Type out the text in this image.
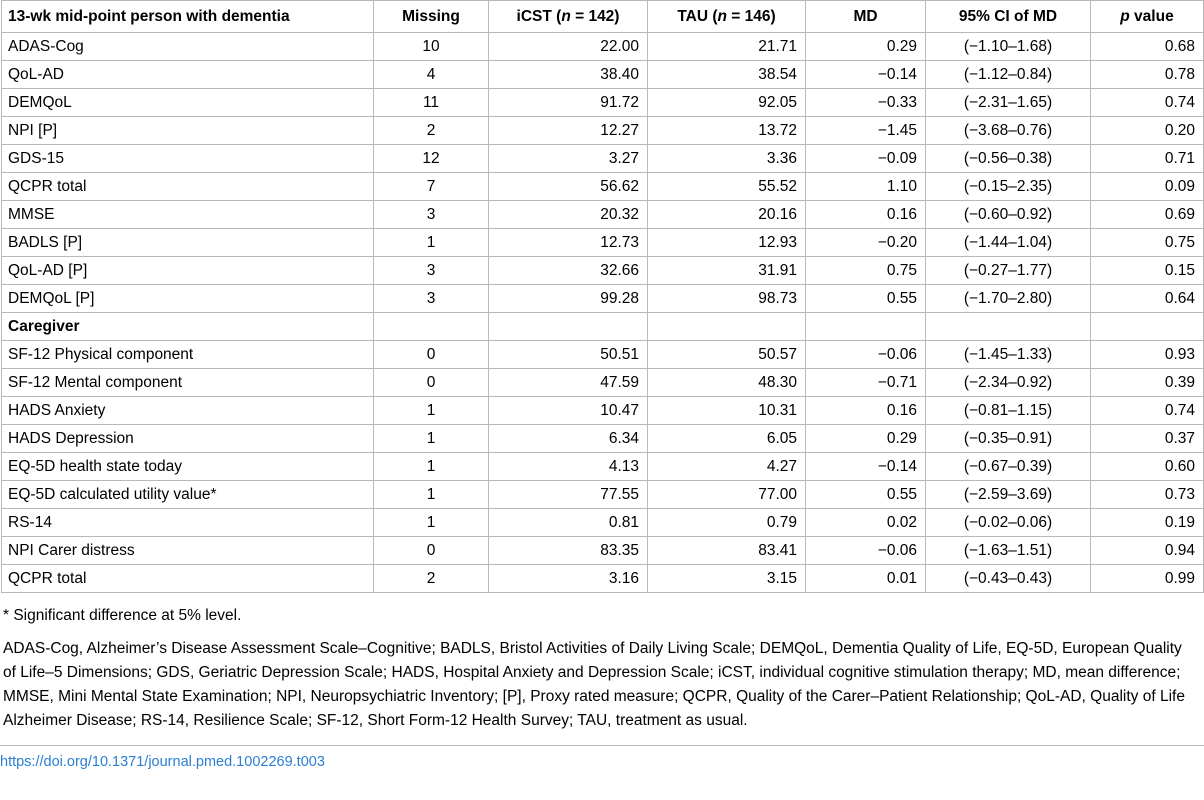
13-wk mid-point person with dementia	Missing	iCST (n = 142)	TAU (n = 146)	MD	95% CI of MD	p value
ADAS-Cog	10	22.00	21.71	0.29	(−1.10–1.68)	0.68
QoL-AD	4	38.40	38.54	−0.14	(−1.12–0.84)	0.78
DEMQoL	11	91.72	92.05	−0.33	(−2.31–1.65)	0.74
NPI [P]	2	12.27	13.72	−1.45	(−3.68–0.76)	0.20
GDS-15	12	3.27	3.36	−0.09	(−0.56–0.38)	0.71
QCPR total	7	56.62	55.52	1.10	(−0.15–2.35)	0.09
MMSE	3	20.32	20.16	0.16	(−0.60–0.92)	0.69
BADLS [P]	1	12.73	12.93	−0.20	(−1.44–1.04)	0.75
QoL-AD [P]	3	32.66	31.91	0.75	(−0.27–1.77)	0.15
DEMQoL [P]	3	99.28	98.73	0.55	(−1.70–2.80)	0.64
Caregiver						
SF-12 Physical component	0	50.51	50.57	−0.06	(−1.45–1.33)	0.93
SF-12 Mental component	0	47.59	48.30	−0.71	(−2.34–0.92)	0.39
HADS Anxiety	1	10.47	10.31	0.16	(−0.81–1.15)	0.74
HADS Depression	1	6.34	6.05	0.29	(−0.35–0.91)	0.37
EQ-5D health state today	1	4.13	4.27	−0.14	(−0.67–0.39)	0.60
EQ-5D calculated utility value*	1	77.55	77.00	0.55	(−2.59–3.69)	0.73
RS-14	1	0.81	0.79	0.02	(−0.02–0.06)	0.19
NPI Carer distress	0	83.35	83.41	−0.06	(−1.63–1.51)	0.94
QCPR total	2	3.16	3.15	0.01	(−0.43–0.43)	0.99

* Significant difference at 5% level.

ADAS-Cog, Alzheimer’s Disease Assessment Scale–Cognitive; BADLS, Bristol Activities of Daily Living Scale; DEMQoL, Dementia Quality of Life, EQ-5D, European Quality of Life–5 Dimensions; GDS, Geriatric Depression Scale; HADS, Hospital Anxiety and Depression Scale; iCST, individual cognitive stimulation therapy; MD, mean difference; MMSE, Mini Mental State Examination; NPI, Neuropsychiatric Inventory; [P], Proxy rated measure; QCPR, Quality of the Carer–Patient Relationship; QoL-AD, Quality of Life Alzheimer Disease; RS-14, Resilience Scale; SF-12, Short Form-12 Health Survey; TAU, treatment as usual.

https://doi.org/10.1371/journal.pmed.1002269.t003
